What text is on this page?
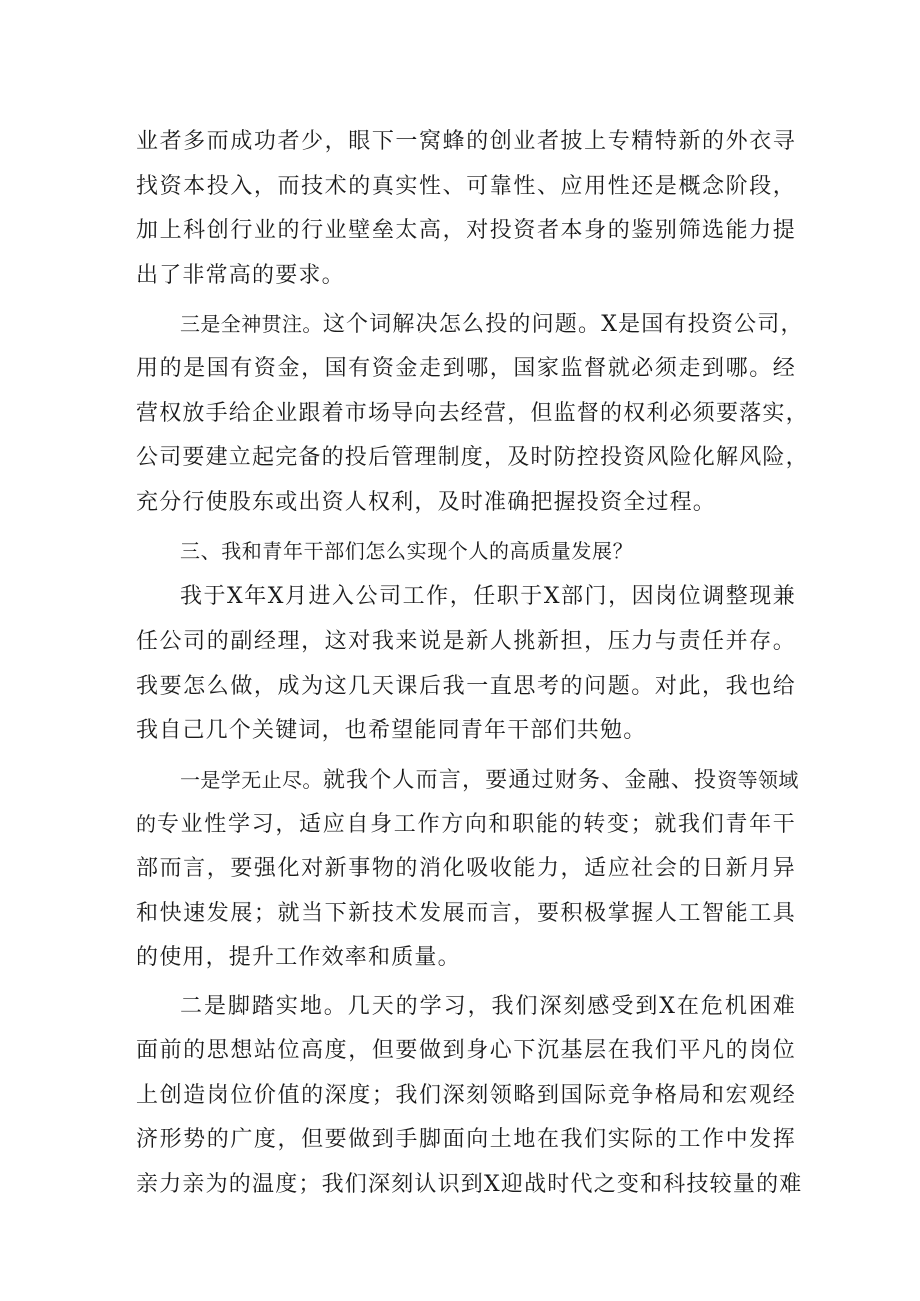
业者多而成功者少，眼下一窝蜂的创业者披上专精特新的外衣寻
找资本投入，而技术的真实性、可靠性、应用性还是概念阶段，
加上科创行业的行业壁垒太高，对投资者本身的鉴别筛选能力提
出了非常高的要求。
三是全神贯注。这个词解决怎么投的问题。X是国有投资公司，
用的是国有资金，国有资金走到哪，国家监督就必须走到哪。经
营权放手给企业跟着市场导向去经营，但监督的权利必须要落实，
公司要建立起完备的投后管理制度，及时防控投资风险化解风险，
充分行使股东或出资人权利，及时准确把握投资全过程。
三、我和青年干部们怎么实现个人的高质量发展？
我于X年X月进入公司工作，任职于X部门，因岗位调整现兼
任公司的副经理，这对我来说是新人挑新担，压力与责任并存。
我要怎么做，成为这几天课后我一直思考的问题。对此，我也给
我自己几个关键词，也希望能同青年干部们共勉。
一是学无止尽。就我个人而言，要通过财务、金融、投资等领域
的专业性学习，适应自身工作方向和职能的转变；就我们青年干
部而言，要强化对新事物的消化吸收能力，适应社会的日新月异
和快速发展；就当下新技术发展而言，要积极掌握人工智能工具
的使用，提升工作效率和质量。
二是脚踏实地。几天的学习，我们深刻感受到X在危机困难
面前的思想站位高度，但要做到身心下沉基层在我们平凡的岗位
上创造岗位价值的深度；我们深刻领略到国际竞争格局和宏观经
济形势的广度，但要做到手脚面向土地在我们实际的工作中发挥
亲力亲为的温度；我们深刻认识到X迎战时代之变和科技较量的难
